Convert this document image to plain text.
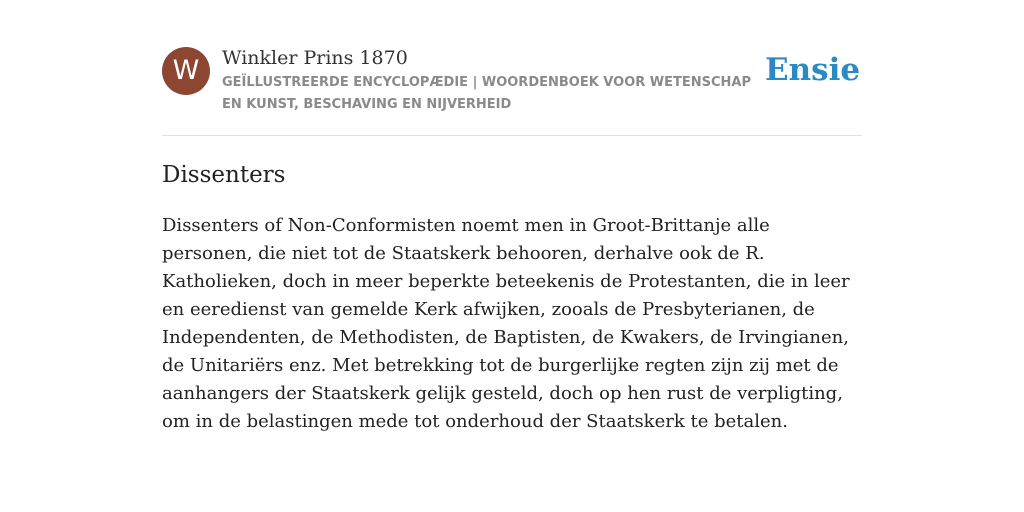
W	Winkler Prins 1870
GEÏLLUSTREERDE ENCYCLOPÆDIE | WOORDENBOEK VOOR WETENSCHAP EN KUNST, BESCHAVING EN NIJVERHEID
Ensie
Dissenters

Dissenters of Non-Conformisten noemt men in Groot-Brittanje alle personen, die niet tot de Staatskerk behooren, derhalve ook de R. Katholieken, doch in meer beperkte beteekenis de Protestanten, die in leer en eeredienst van gemelde Kerk afwijken, zooals de Presbyterianen, de Independenten, de Methodisten, de Baptisten, de Kwakers, de Irvingianen, de Unitariërs enz. Met betrekking tot de burgerlijke regten zijn zij met de aanhangers der Staatskerk gelijk gesteld, doch op hen rust de verpligting, om in de belastingen mede tot onderhoud der Staatskerk te betalen.
